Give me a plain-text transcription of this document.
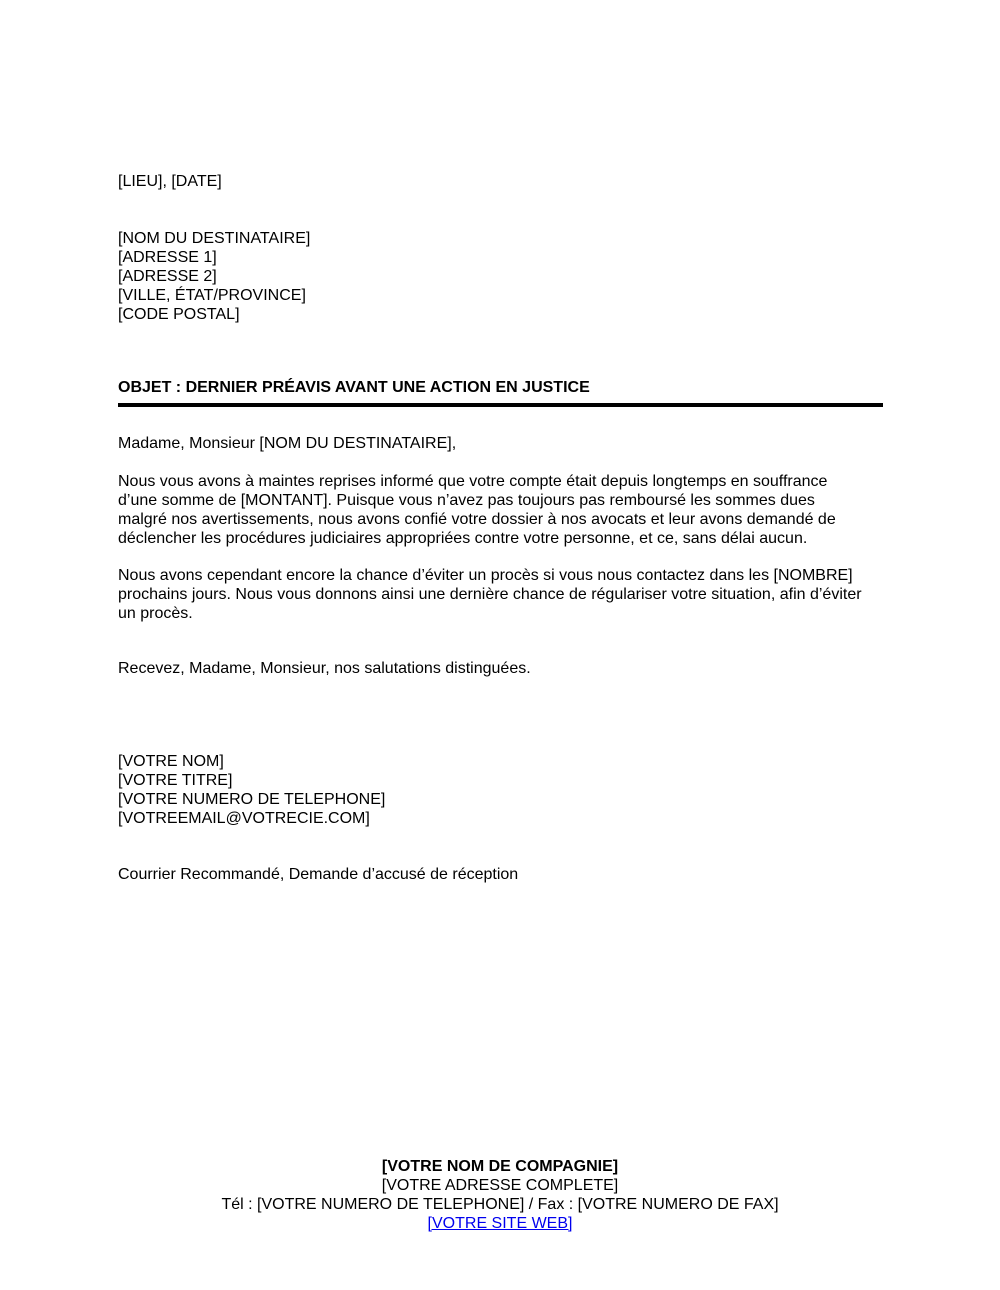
[LIEU], [DATE]

[NOM DU DESTINATAIRE]
[ADRESSE 1]
[ADRESSE 2]
[VILLE, ÉTAT/PROVINCE]
[CODE POSTAL]

OBJET : DERNIER PRÉAVIS AVANT UNE ACTION EN JUSTICE

Madame, Monsieur [NOM DU DESTINATAIRE],

Nous vous avons à maintes reprises informé que votre compte était depuis longtemps en souffrance
d’une somme de [MONTANT]. Puisque vous n’avez pas toujours pas remboursé les sommes dues
malgré nos avertissements, nous avons confié votre dossier à nos avocats et leur avons demandé de
déclencher les procédures judiciaires appropriées contre votre personne, et ce, sans délai aucun.
Nous avons cependant encore la chance d’éviter un procès si vous nous contactez dans les [NOMBRE]
prochains jours. Nous vous donnons ainsi une dernière chance de régulariser votre situation, afin d’éviter
un procès.

Recevez, Madame, Monsieur, nos salutations distinguées.

[VOTRE NOM]
[VOTRE TITRE]
[VOTRE NUMERO DE TELEPHONE]
[VOTREEMAIL@VOTRECIE.COM]

Courrier Recommandé, Demande d’accusé de réception

[VOTRE NOM DE COMPAGNIE]
[VOTRE ADRESSE COMPLETE]
Tél : [VOTRE NUMERO DE TELEPHONE] / Fax : [VOTRE NUMERO DE FAX]
[VOTRE SITE WEB]
